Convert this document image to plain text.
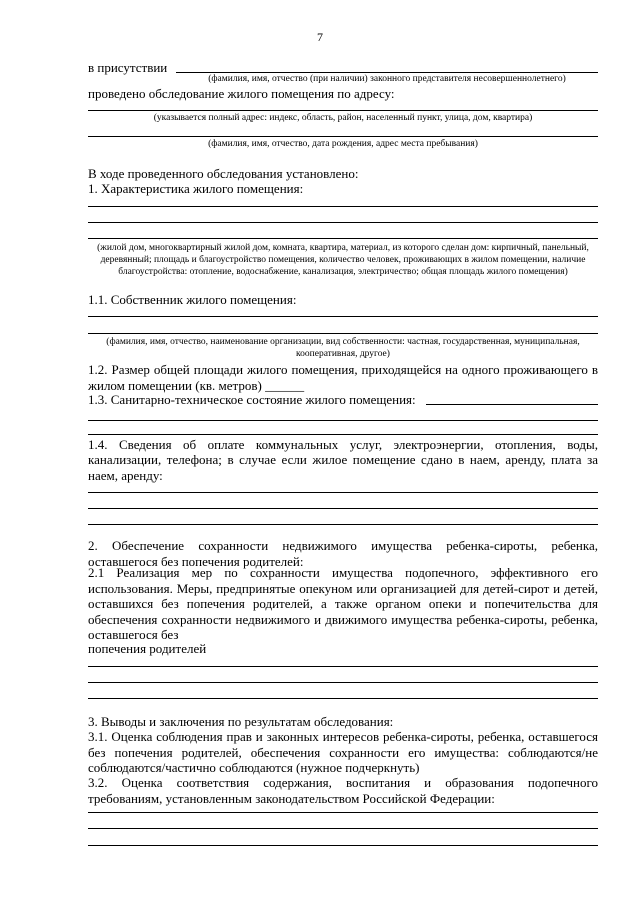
7
в присутствии
(фамилия, имя, отчество (при наличии) законного представителя несовершеннолетнего)
проведено обследование жилого помещения по адресу:
(указывается полный адрес: индекс, область, район, населенный пункт, улица, дом, квартира)
(фамилия, имя, отчество, дата рождения, адрес места пребывания)
В ходе проведенного обследования установлено:
1. Характеристика жилого помещения:
(жилой дом, многоквартирный жилой дом, комната, квартира, материал, из которого сделан дом: кирпичный, панельный, деревянный; площадь и благоустройство помещения, количество человек, проживающих в жилом помещении, наличие благоустройства: отопление, водоснабжение, канализация, электричество; общая площадь жилого помещения)
1.1. Собственник жилого помещения:
(фамилия, имя, отчество, наименование организации, вид собственности: частная, государственная, муниципальная, кооперативная, другое)
1.2. Размер общей площади жилого помещения, приходящейся на одного проживающего в жилом помещении (кв. метров) ______
1.3. Санитарно-техническое состояние жилого помещения:
1.4. Сведения об оплате коммунальных услуг, электроэнергии, отопления, воды, канализации, телефона; в случае если жилое помещение сдано в наем, аренду, плата за наем, аренду:
2. Обеспечение сохранности недвижимого имущества ребенка-сироты, ребенка, оставшегося без попечения родителей:
2.1 Реализация мер по сохранности имущества подопечного, эффективного его использования. Меры, предпринятые опекуном или организацией для детей-сирот и детей, оставшихся без попечения родителей, а также органом опеки и попечительства для обеспечения сохранности недвижимого и движимого имущества ребенка-сироты, ребенка, оставшегося без
попечения родителей
3. Выводы и заключения по результатам обследования:
3.1. Оценка соблюдения прав и законных интересов ребенка-сироты, ребенка, оставшегося без попечения родителей, обеспечения сохранности его имущества: соблюдаются/не соблюдаются/частично соблюдаются (нужное подчеркнуть)
3.2. Оценка соответствия содержания, воспитания и образования подопечного требованиям, установленным законодательством Российской Федерации:
